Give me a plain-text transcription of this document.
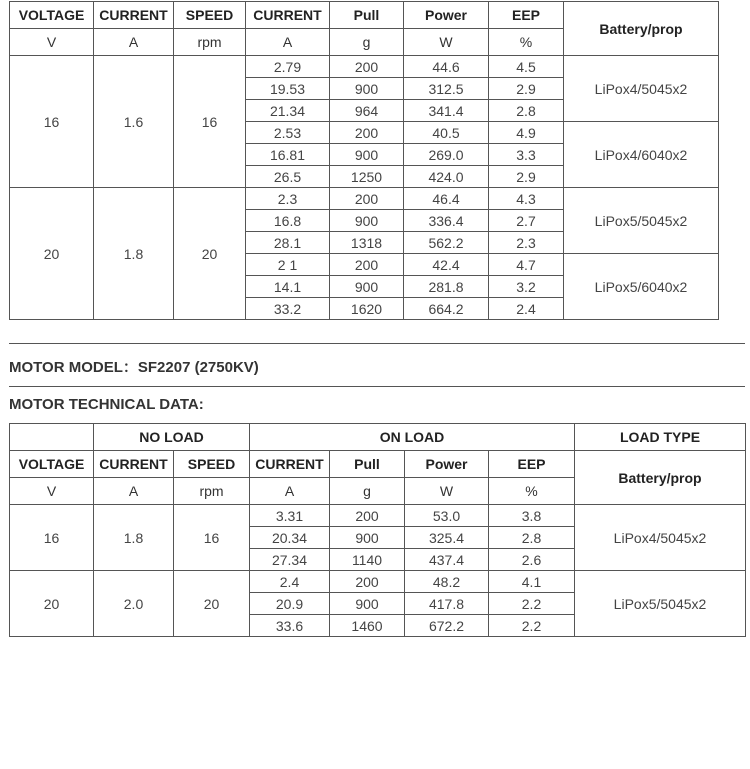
VOLTAGE	CURRENT	SPEED	CURRENT	Pull	Power	EEP	Battery/prop
V	A	rpm	A	g	W	%	
16	1.6	16	2.79	200	44.6	4.5	LiPox4/5045x2
			19.53	900	312.5	2.9	
			21.34	964	341.4	2.8	
			2.53	200	40.5	4.9	LiPox4/6040x2
			16.81	900	269.0	3.3	
			26.5	1250	424.0	2.9	
20	1.8	20	2.3	200	46.4	4.3	LiPox5/5045x2
			16.8	900	336.4	2.7	
			28.1	1318	562.2	2.3	
			2 1	200	42.4	4.7	LiPox5/6040x2
			14.1	900	281.8	3.2	
			33.2	1620	664.2	2.4	
MOTOR MODEL：SF2207 (2750KV)
MOTOR TECHNICAL DATA:
	NO LOAD		ON LOAD				LOAD TYPE
VOLTAGE	CURRENT	SPEED	CURRENT	Pull	Power	EEP	Battery/prop
V	A	rpm	A	g	W	%	
16	1.8	16	3.31	200	53.0	3.8	LiPox4/5045x2
			20.34	900	325.4	2.8	
			27.34	1140	437.4	2.6	
20	2.0	20	2.4	200	48.2	4.1	LiPox5/5045x2
			20.9	900	417.8	2.2	
			33.6	1460	672.2	2.2	
